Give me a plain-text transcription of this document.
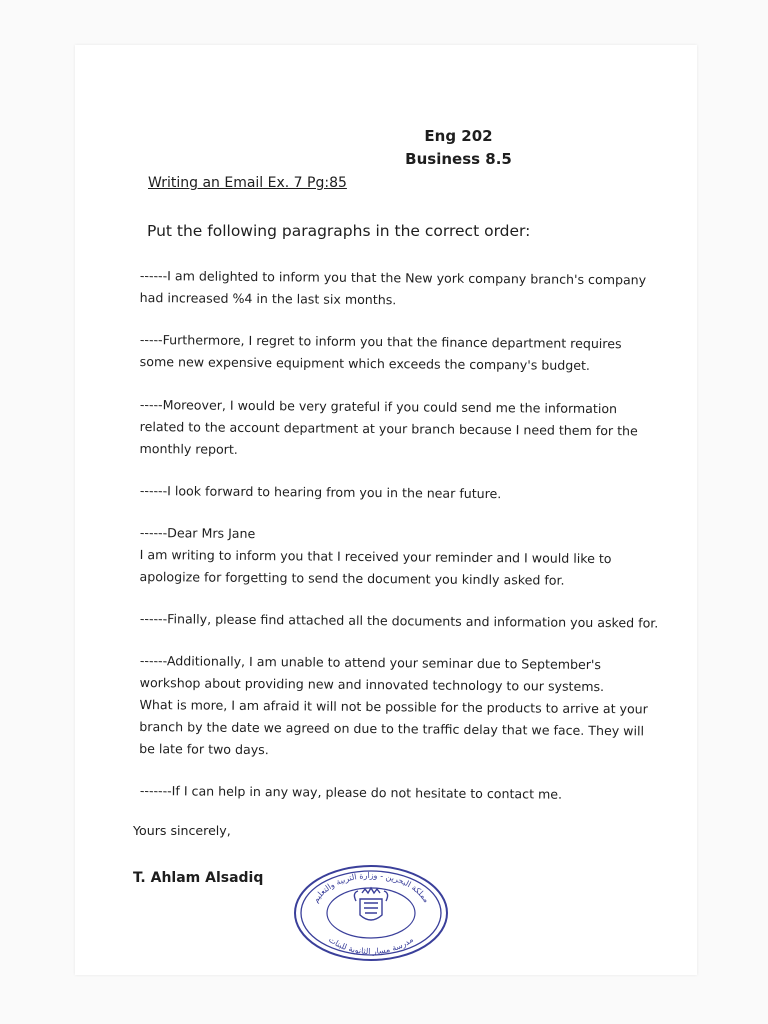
Eng 202
Business 8.5
Writing an Email Ex. 7 Pg:85
Put the following paragraphs in the correct order:
------I am delighted to inform you that the New york company branch's company
had increased %4 in the last six months.
-----Furthermore, I regret to inform you that the finance department requires
some new expensive equipment which exceeds the company's budget.
-----Moreover, I would be very grateful if you could send me the information
related to the account department at your branch because I need them for the
monthly report.
------I look forward to hearing from you in the near future.
------Dear Mrs Jane
I am writing to inform you that I received your reminder and I would like to
apologize for forgetting to send the document you kindly asked for.
------Finally, please find attached all the documents and information you asked for.
------Additionally, I am unable to attend your seminar due to September's
workshop about providing new and innovated technology to our systems.
What is more, I am afraid it will not be possible for the products to arrive at your
branch by the date we agreed on due to the traffic delay that we face. They will
be late for two days.
-------If I can help in any way, please do not hesitate to contact me.
Yours sincerely,
T. Ahlam Alsadiq
مملكة البحرين - وزارة التربية والتعليم
مدرسة مسار الثانوية للبنات
